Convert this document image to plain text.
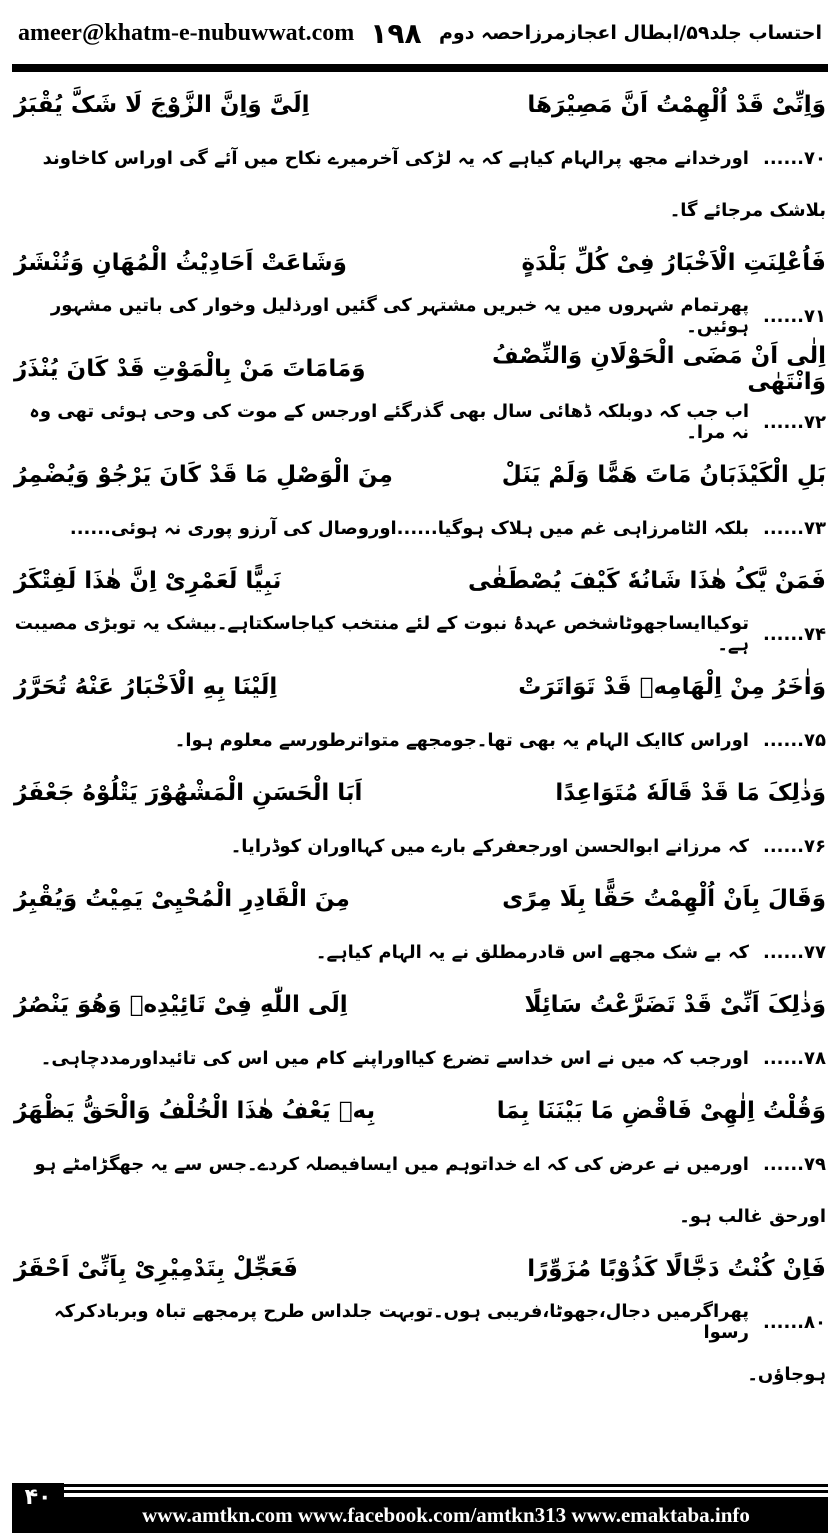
ameer@khatm-e-nubuwwat.com ۱۹۸ احتساب جلد۵۹/ابطال اعجازمرزاحصہ دوم
وَاِنِّیْ قَدْ اُلْهِمْتُ اَنَّ مَصِیْرَهَا
اِلَیَّ وَاِنَّ الزَّوْجَ لَا شَکَّ یُقْبَرُ
۷۰......
اورخدانے مجھ پرالہام کیاہے کہ یہ لڑکی آخرمیرے نکاح میں آئے گی اوراس کاخاوند
بلاشک مرجائے گا۔
فَاُعْلِنَتِ الْاَخْبَارُ فِیْ کُلِّ بَلْدَةٍ
وَشَاعَتْ اَحَادِیْثُ الْمُهَانِ وَتُنْشَرُ
۷۱......
پھرتمام شہروں میں یہ خبریں مشتہر کی گئیں اورذلیل وخوار کی باتیں مشہور ہوئیں۔
اِلٰی اَنْ مَضَی الْحَوْلَانِ وَالنِّصْفُ وَانْتَهٰی
وَمَامَاتَ مَنْ بِالْمَوْتِ قَدْ کَانَ یُنْذَرُ
۷۲......
اب جب کہ دوبلکہ ڈھائی سال بھی گذرگئے اورجس کے موت کی وحی ہوئی تھی وہ نہ مرا۔
بَلِ الْکَیْذَبَانُ مَاتَ هَمًّا وَلَمْ یَنَلْ
مِنَ الْوَصْلِ مَا قَدْ کَانَ یَرْجُوْ وَیُضْمِرُ
۷۳......
بلکہ الٹامرزاہی غم میں ہلاک ہوگیا......اوروصال کی آرزو پوری نہ ہوئی......
فَمَنْ یَّکُ هٰذَا شَانُهٗ کَیْفَ یُصْطَفٰی
نَبِیًّا لَعَمْرِیْ اِنَّ هٰذَا لَفِتْکَرُ
۷۴......
توکیاایساجھوٹاشخص عہدۂ نبوت کے لئے منتخب کیاجاسکتاہے۔بیشک یہ توبڑی مصیبت ہے۔
وَاٰخَرُ مِنْ اِلْهَامِهٖ قَدْ تَوَاتَرَتْ
اِلَیْنَا بِهِ الْاَخْبَارُ عَنْهُ تُحَرَّرُ
۷۵......
اوراس کاایک الہام یہ بھی تھا۔جومجھے متواترطورسے معلوم ہوا۔
وَذٰلِکَ مَا قَدْ قَالَهٗ مُتَوَاعِدًا
اَبَا الْحَسَنِ الْمَشْهُوْرَ یَتْلُوْهُ جَعْفَرُ
۷۶......
کہ مرزانے ابوالحسن اورجعفرکے بارے میں کہااوران کوڈرایا۔
وَقَالَ بِاَنْ اُلْهِمْتُ حَقًّا بِلَا مِرًی
مِنَ الْقَادِرِ الْمُحْیِیْ یَمِیْتُ وَیُقْبِرُ
۷۷......
کہ بے شک مجھے اس قادرمطلق نے یہ الہام کیاہے۔
وَذٰلِکَ اَنِّیْ قَدْ تَضَرَّعْتُ سَائِلًا
اِلَی اللّٰهِ فِیْ تَائِیْدِهٖ وَهُوَ یَنْصُرُ
۷۸......
اورجب کہ میں نے اس خداسے تضرع کیااوراپنے کام میں اس کی تائیداورمددچاہی۔
وَقُلْتُ اِلٰهِیْ فَاقْضِ مَا بَیْنَنَا بِمَا
بِهٖ یَعْفُ هٰذَا الْخُلْفُ وَالْحَقُّ یَظْهَرُ
۷۹......
اورمیں نے عرض کی کہ اے خداتوہم میں ایسافیصلہ کردے۔جس سے یہ جھگڑامٹے ہو
اورحق غالب ہو۔
فَاِنْ کُنْتُ دَجَّالًا کَذُوْبًا مُزَوِّرًا
فَعَجِّلْ بِتَدْمِیْرِیْ بِاَنِّیْ اَحْقَرُ
۸۰......
پھراگرمیں دجال،جھوٹا،فریبی ہوں۔توبہت جلداس طرح پرمجھے تباہ وبربادکرکہ رسوا
ہوجاؤں۔
۴۰
www.amtkn.com www.facebook.com/amtkn313 www.emaktaba.info
